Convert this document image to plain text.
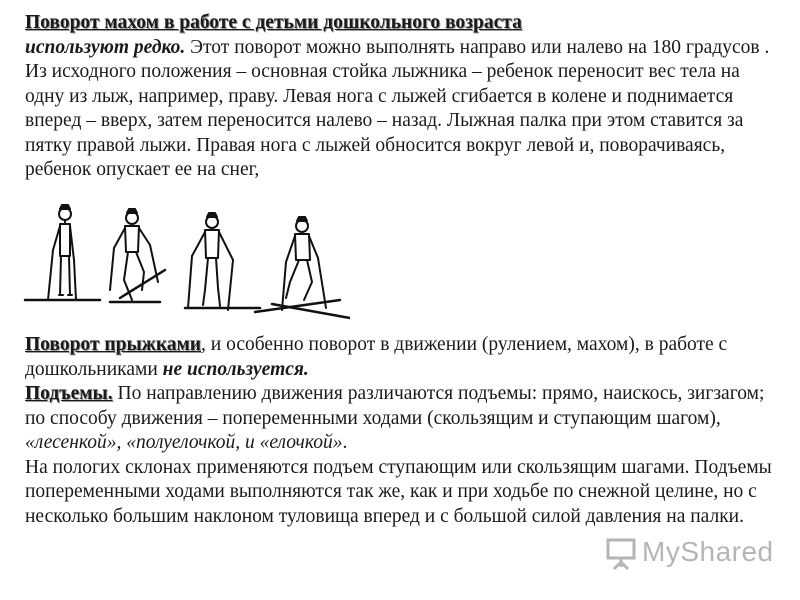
Поворот махом в работе с детьми дошкольного возраста
используют редко. Этот поворот можно выполнять направо или налево на 180 градусов . Из исходного положения – основная стойка лыжника – ребенок переносит вес тела на одну из лыж, например, праву. Левая нога с лыжей сгибается в колене и поднимается вперед – вверх, затем переносится налево – назад. Лыжная палка при этом ставится за пятку правой лыжи. Правая нога с лыжей обносится вокруг левой и, поворачиваясь, ребенок опускает ее на снег,

Поворот прыжками, и особенно поворот в движении (рулением, махом), в работе с дошкольниками не используется.
Подъемы. По направлению движения различаются подъемы: прямо, наискось, зигзагом; по способу движения – попеременными ходами (скользящим и ступающим шагом), «лесенкой», «полуелочкой, и «елочкой».
На пологих склонах применяются подъем ступающим или скользящим шагами. Подъемы попеременными ходами выполняются так же, как и при ходьбе по снежной целине, но с несколько большим наклоном туловища вперед и с большой силой давления на палки.

MyShared
